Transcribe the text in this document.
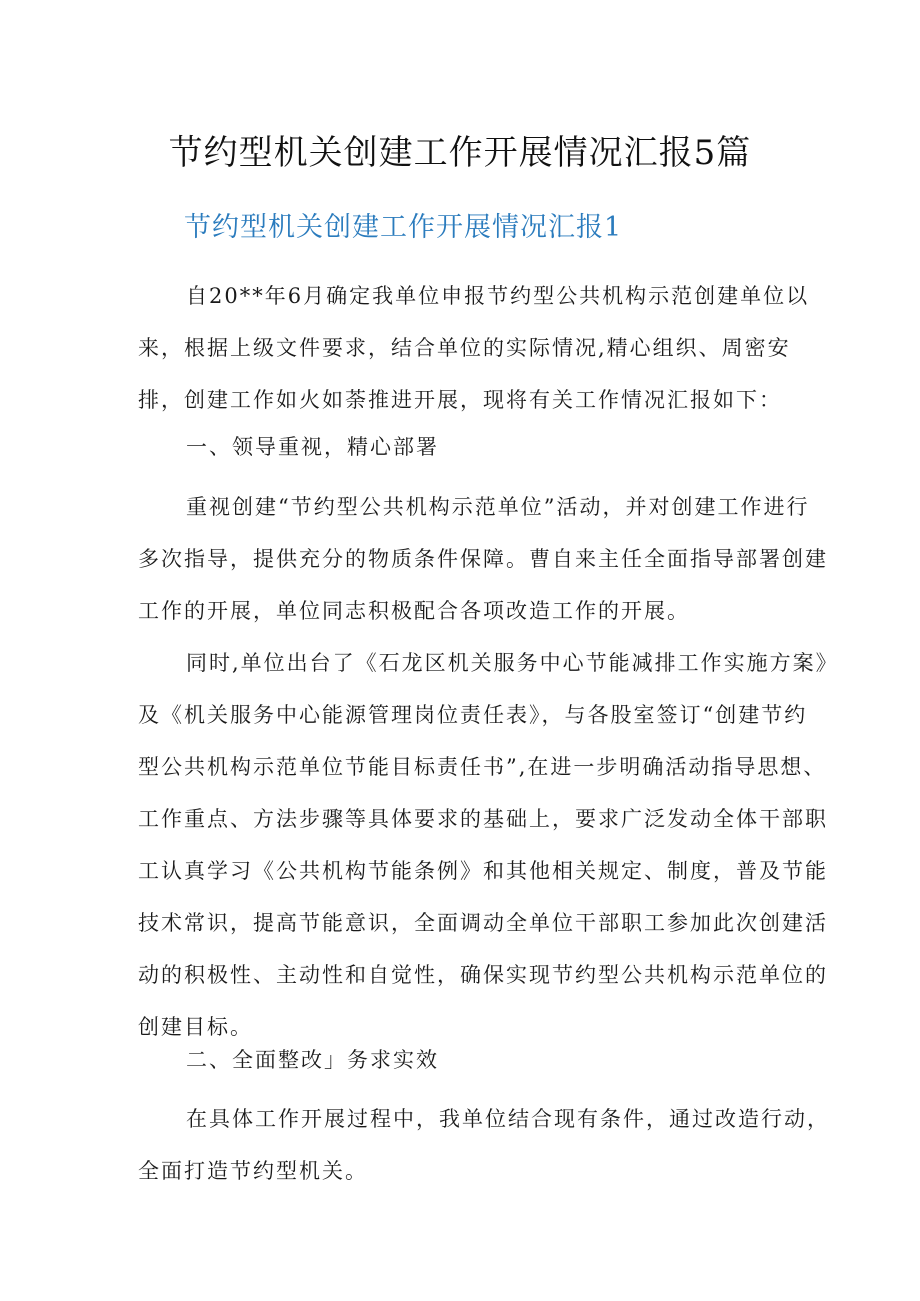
节约型机关创建工作开展情况汇报5篇
节约型机关创建工作开展情况汇报1

自20**年6月确定我单位申报节约型公共机构示范创建单位以
来，根据上级文件要求，结合单位的实际情况,精心组织、周密安
排，创建工作如火如荼推进开展，现将有关工作情况汇报如下：

一、领导重视，精心部署

重视创建“节约型公共机构示范单位”活动，并对创建工作进行
多次指导，提供充分的物质条件保障。曹自来主任全面指导部署创建
工作的开展，单位同志积极配合各项改造工作的开展。

同时,单位出台了《石龙区机关服务中心节能减排工作实施方案》
及《机关服务中心能源管理岗位责任表》，与各股室签订“创建节约
型公共机构示范单位节能目标责任书”,在进一步明确活动指导思想、
工作重点、方法步骤等具体要求的基础上，要求广泛发动全体干部职
工认真学习《公共机构节能条例》和其他相关规定、制度，普及节能
技术常识，提高节能意识，全面调动全单位干部职工参加此次创建活
动的积极性、主动性和自觉性，确保实现节约型公共机构示范单位的
创建目标。

二、全面整改」务求实效

在具体工作开展过程中，我单位结合现有条件，通过改造行动，
全面打造节约型机关。
